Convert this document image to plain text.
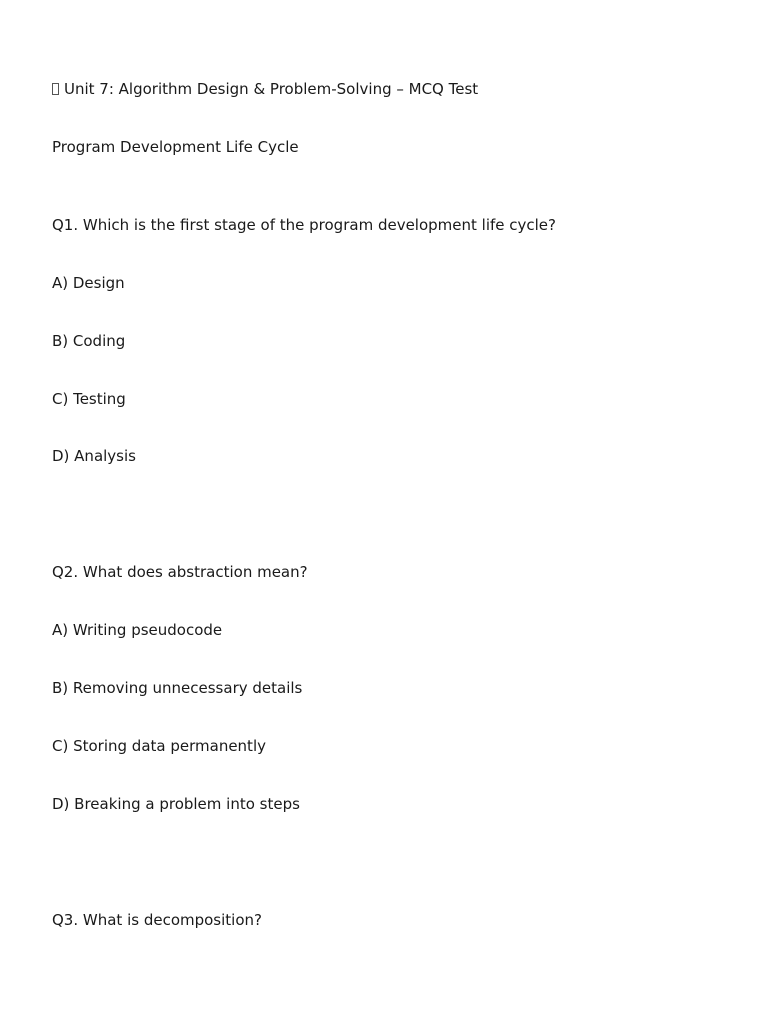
Unit 7: Algorithm Design & Problem-Solving – MCQ Test
Program Development Life Cycle
Q1. Which is the first stage of the program development life cycle?
A) Design
B) Coding
C) Testing
D) Analysis
Q2. What does abstraction mean?
A) Writing pseudocode
B) Removing unnecessary details
C) Storing data permanently
D) Breaking a problem into steps
Q3. What is decomposition?
